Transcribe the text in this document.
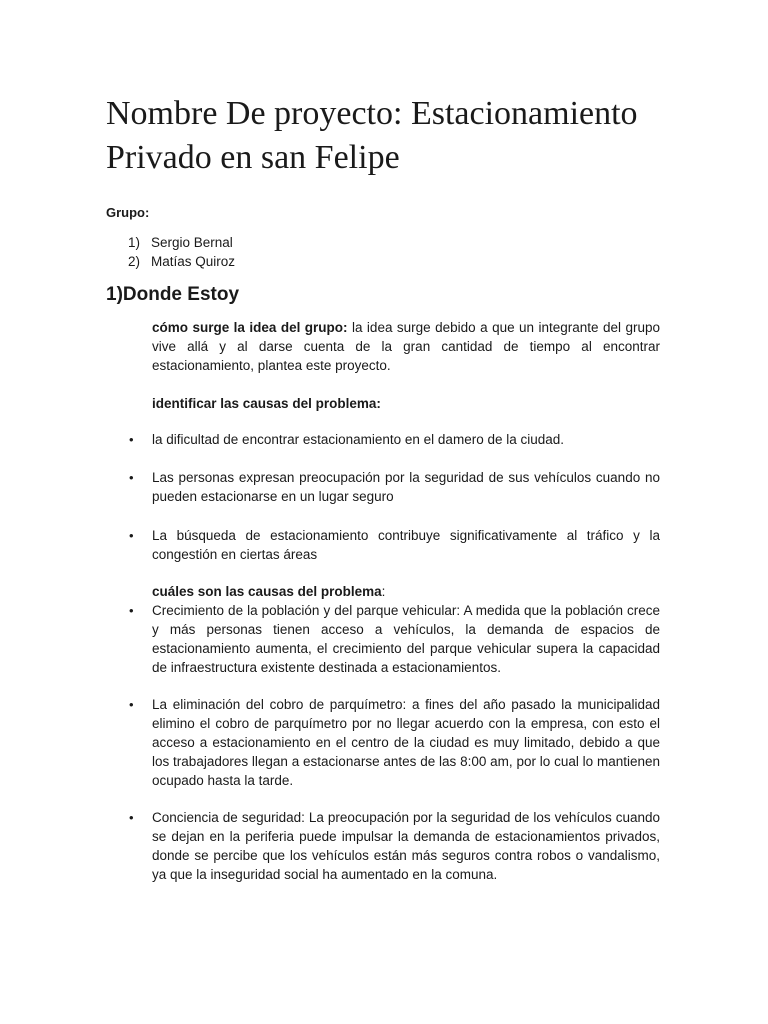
Nombre De proyecto: Estacionamiento Privado en san Felipe
Grupo:
1) Sergio Bernal
2) Matías Quiroz
1)Donde Estoy
cómo surge la idea del grupo: la idea surge debido a que un integrante del grupo vive allá y al darse cuenta de la gran cantidad de tiempo al encontrar estacionamiento, plantea este proyecto.
identificar las causas del problema:
• la dificultad de encontrar estacionamiento en el damero de la ciudad.
• Las personas expresan preocupación por la seguridad de sus vehículos cuando no pueden estacionarse en un lugar seguro
• La búsqueda de estacionamiento contribuye significativamente al tráfico y la congestión en ciertas áreas
cuáles son las causas del problema:
• Crecimiento de la población y del parque vehicular: A medida que la población crece y más personas tienen acceso a vehículos, la demanda de espacios de estacionamiento aumenta, el crecimiento del parque vehicular supera la capacidad de infraestructura existente destinada a estacionamientos.
• La eliminación del cobro de parquímetro: a fines del año pasado la municipalidad elimino el cobro de parquímetro por no llegar acuerdo con la empresa, con esto el acceso a estacionamiento en el centro de la ciudad es muy limitado, debido a que los trabajadores llegan a estacionarse antes de las 8:00 am, por lo cual lo mantienen ocupado hasta la tarde.
• Conciencia de seguridad: La preocupación por la seguridad de los vehículos cuando se dejan en la periferia puede impulsar la demanda de estacionamientos privados, donde se percibe que los vehículos están más seguros contra robos o vandalismo, ya que la inseguridad social ha aumentado en la comuna.
